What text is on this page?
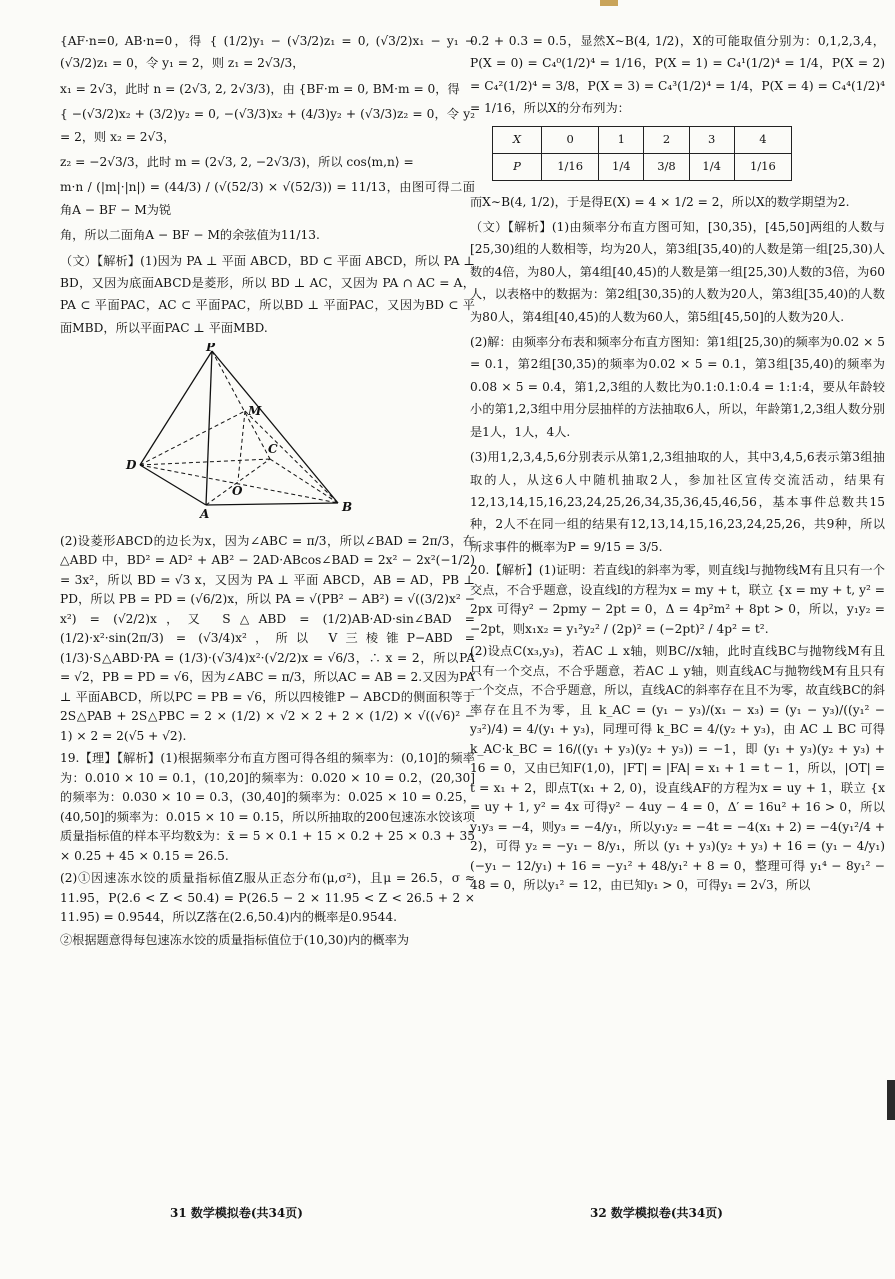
{AF·n=0, AB·n=0，得 { (1/2)y₁ − (√3/2)z₁ = 0, (√3/2)x₁ − y₁ − (√3/2)z₁ = 0，令 y₁ = 2，则 z₁ = 2√3/3，

x₁ = 2√3，此时 n = (2√3, 2, 2√3/3)，由 {BF·m = 0, BM·m = 0，得

{ −(√3/2)x₂ + (3/2)y₂ = 0, −(√3/3)x₂ + (4/3)y₂ + (√3/3)z₂ = 0，令 y₂ = 2，则 x₂ = 2√3，

z₂ = −2√3/3，此时 m = (2√3, 2, −2√3/3)，所以 cos⟨m,n⟩ =

m·n / (|m|·|n|) = (44/3) / (√(52/3) × √(52/3)) = 11/13，由图可得二面角A − BF − M为锐

角，所以二面角A − BF − M的余弦值为11/13.

（文）【解析】(1)因为 PA ⊥ 平面 ABCD，BD ⊂ 平面 ABCD，所以 PA ⊥ BD，又因为底面ABCD是菱形，所以 BD ⊥ AC，又因为 PA ∩ AC = A，PA ⊂ 平面PAC，AC ⊂ 平面PAC，所以BD ⊥ 平面PAC，又因为BD ⊂ 平面MBD，所以平面PAC ⊥ 平面MBD.

P
M
D
C
O
A	B

(2)设菱形ABCD的边长为x，因为∠ABC = π/3，所以∠BAD = 2π/3，在 △ABD 中，BD² = AD² + AB² − 2AD·ABcos∠BAD = 2x² − 2x²(−1/2) = 3x²，所以 BD = √3 x，又因为 PA ⊥ 平面 ABCD，AB = AD，PB ⊥ PD，所以 PB = PD = (√6/2)x，所以 PA = √(PB² − AB²) = √((3/2)x² − x²) = (√2/2)x，又 S△ABD = (1/2)AB·AD·sin∠BAD = (1/2)·x²·sin(2π/3) = (√3/4)x²，所以 V三棱锥P−ABD = (1/3)·S△ABD·PA = (1/3)·(√3/4)x²·(√2/2)x = √6/3，∴ x = 2，所以PA = √2，PB = PD = √6，因为∠ABC = π/3，所以AC = AB = 2.又因为PA ⊥ 平面ABCD，所以PC = PB = √6，所以四棱锥P − ABCD的侧面积等于2S△PAB + 2S△PBC = 2 × (1/2) × √2 × 2 + 2 × (1/2) × √((√6)² − 1) × 2 = 2(√5 + √2).

19.【理】【解析】(1)根据频率分布直方图可得各组的频率为：(0,10]的频率为：0.010 × 10 = 0.1，(10,20]的频率为：0.020 × 10 = 0.2，(20,30]的频率为：0.030 × 10 = 0.3，(30,40]的频率为：0.025 × 10 = 0.25，(40,50]的频率为：0.015 × 10 = 0.15，所以所抽取的200包速冻水饺该项质量指标值的样本平均数x̄为：x̄ = 5 × 0.1 + 15 × 0.2 + 25 × 0.3 + 35 × 0.25 + 45 × 0.15 = 26.5.

(2)①因速冻水饺的质量指标值Z服从正态分布(μ,σ²)，且μ = 26.5，σ ≈ 11.95，P(2.6 < Z < 50.4) = P(26.5 − 2 × 11.95 < Z < 26.5 + 2 × 11.95) = 0.9544，所以Z落在(2.6,50.4)内的概率是0.9544.

②根据题意得每包速冻水饺的质量指标值位于(10,30)内的概率为

0.2 + 0.3 = 0.5，显然X∼B(4, 1/2)，X的可能取值分别为：0,1,2,3,4，P(X = 0) = C₄⁰(1/2)⁴ = 1/16，P(X = 1) = C₄¹(1/2)⁴ = 1/4，P(X = 2) = C₄²(1/2)⁴ = 3/8，P(X = 3) = C₄³(1/2)⁴ = 1/4，P(X = 4) = C₄⁴(1/2)⁴ = 1/16，所以X的分布列为：

X	0	1	2	3	4
P	1/16	1/4	3/8	1/4	1/16

而X∼B(4, 1/2)，于是得E(X) = 4 × 1/2 = 2，所以X的数学期望为2.

（文）【解析】(1)由频率分布直方图可知，[30,35)，[45,50]两组的人数与[25,30)组的人数相等，均为20人，第3组[35,40)的人数是第一组[25,30)人数的4倍，为80人，第4组[40,45)的人数是第一组[25,30)人数的3倍，为60人，以表格中的数据为：第2组[30,35)的人数为20人，第3组[35,40)的人数为80人，第4组[40,45)的人数为60人，第5组[45,50]的人数为20人.

(2)解：由频率分布表和频率分布直方图知：第1组[25,30)的频率为0.02 × 5 = 0.1，第2组[30,35)的频率为0.02 × 5 = 0.1，第3组[35,40)的频率为0.08 × 5 = 0.4，第1,2,3组的人数比为0.1:0.1:0.4 = 1:1:4，要从年龄较小的第1,2,3组中用分层抽样的方法抽取6人，所以，年龄第1,2,3组人数分别是1人，1人，4人.

(3)用1,2,3,4,5,6分别表示从第1,2,3组抽取的人，其中3,4,5,6表示第3组抽取的人，从这6人中随机抽取2人，参加社区宣传交流活动，结果有12,13,14,15,16,23,24,25,26,34,35,36,45,46,56，基本事件总数共15种，2人不在同一组的结果有12,13,14,15,16,23,24,25,26，共9种，所以所求事件的概率为P = 9/15 = 3/5.

20.【解析】(1)证明：若直线l的斜率为零，则直线l与抛物线M有且只有一个交点，不合乎题意，设直线l的方程为x = my + t，联立 {x = my + t, y² = 2px 可得y² − 2pmy − 2pt = 0，Δ = 4p²m² + 8pt > 0，所以，y₁y₂ = −2pt，则x₁x₂ = y₁²y₂² / (2p)² = (−2pt)² / 4p² = t².

(2)设点C(x₃,y₃)，若AC ⊥ x轴，则BC//x轴，此时直线BC与抛物线M有且只有一个交点，不合乎题意，若AC ⊥ y轴，则直线AC与抛物线M有且只有一个交点，不合乎题意，所以，直线AC的斜率存在且不为零，故直线BC的斜率存在且不为零，且 k_AC = (y₁ − y₃)/(x₁ − x₃) = (y₁ − y₃)/((y₁² − y₃²)/4) = 4/(y₁ + y₃)，同理可得 k_BC = 4/(y₂ + y₃)，由 AC ⊥ BC 可得 k_AC·k_BC = 16/((y₁ + y₃)(y₂ + y₃)) = −1，即 (y₁ + y₃)(y₂ + y₃) + 16 = 0，又由已知F(1,0)，|FT| = |FA| = x₁ + 1 = t − 1，所以，|OT| = t = x₁ + 2，即点T(x₁ + 2, 0)，设直线AF的方程为x = uy + 1，联立 {x = uy + 1, y² = 4x 可得y² − 4uy − 4 = 0，Δ′ = 16u² + 16 > 0，所以y₁y₃ = −4，则y₃ = −4/y₁，所以y₁y₂ = −4t = −4(x₁ + 2) = −4(y₁²/4 + 2)，可得 y₂ = −y₁ − 8/y₁，所以 (y₁ + y₃)(y₂ + y₃) + 16 = (y₁ − 4/y₁)(−y₁ − 12/y₁) + 16 = −y₁² + 48/y₁² + 8 = 0，整理可得 y₁⁴ − 8y₁² − 48 = 0，所以y₁² = 12，由已知y₁ > 0，可得y₁ = 2√3，所以

31 数学模拟卷(共34页)	32 数学模拟卷(共34页)
